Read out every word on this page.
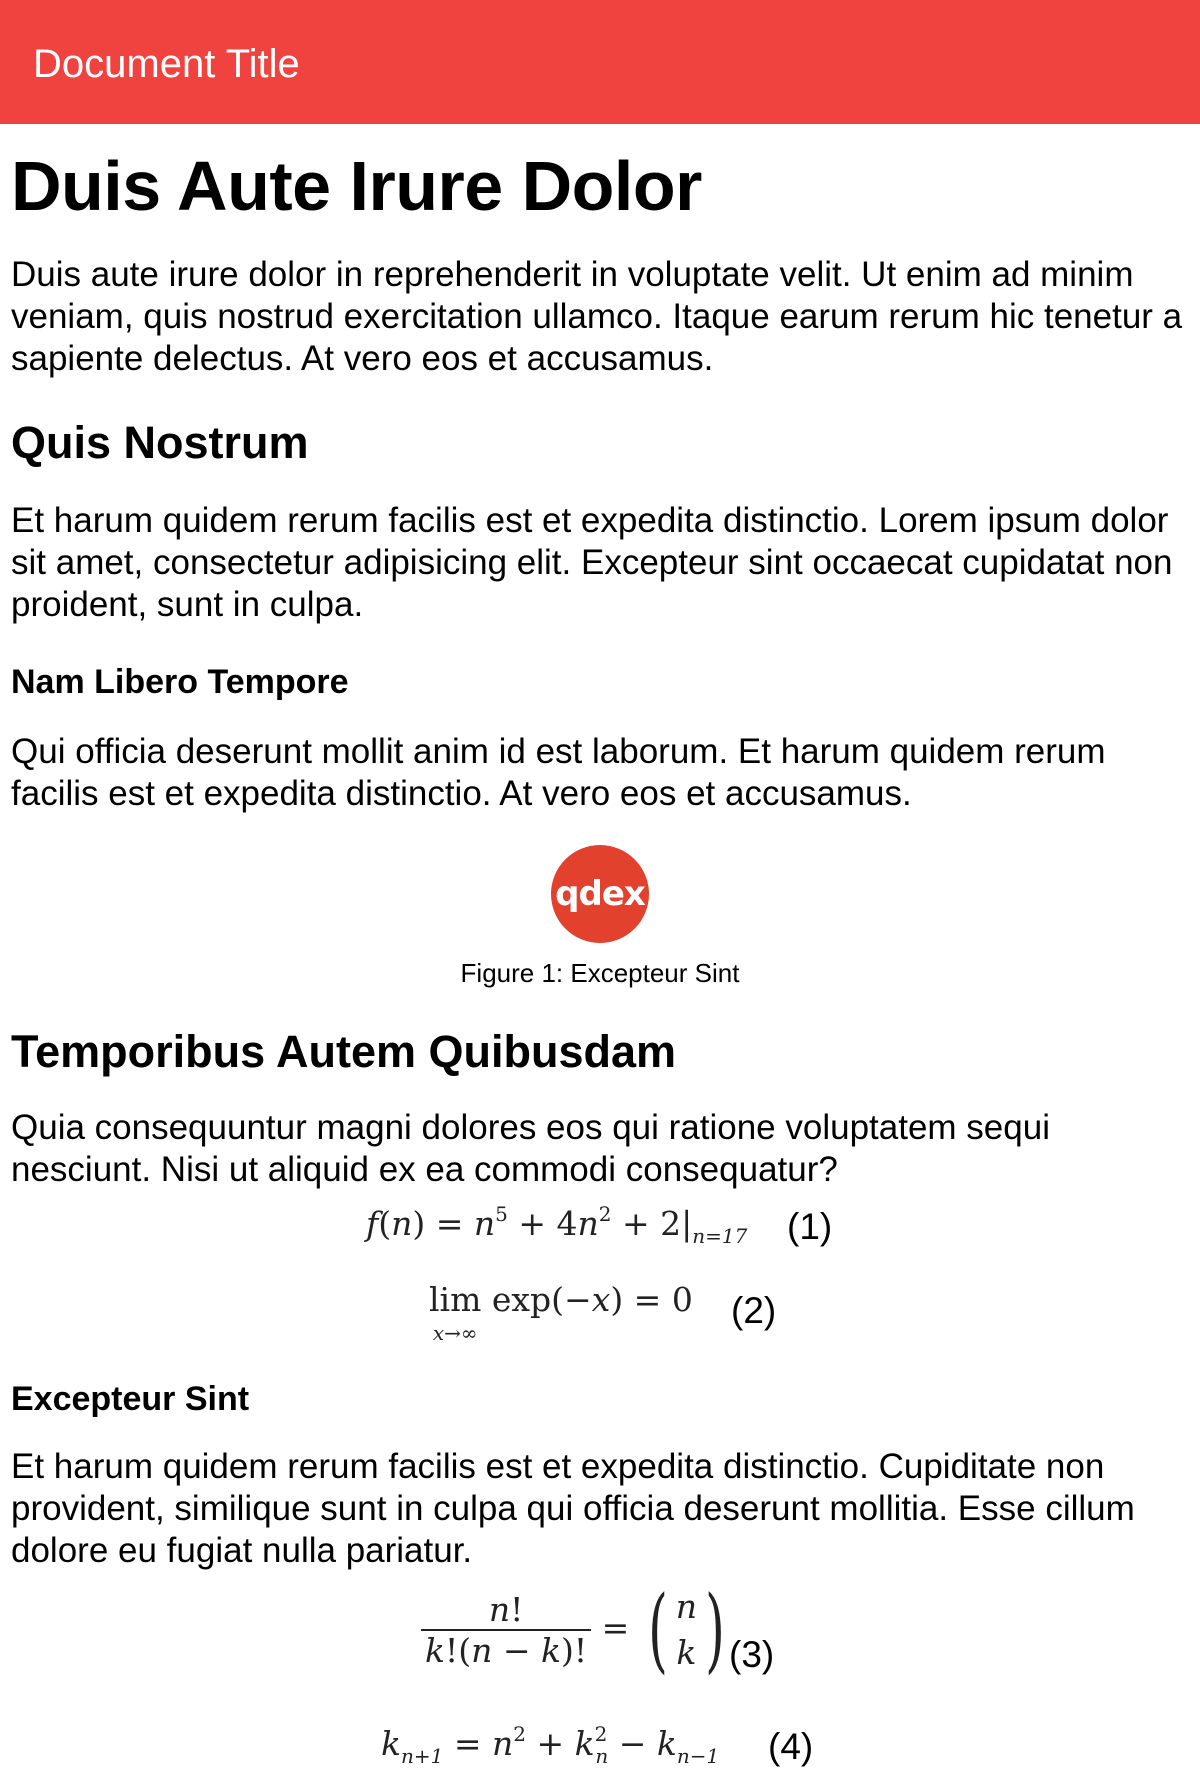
Document Title
Duis Aute Irure Dolor

Duis aute irure dolor in reprehenderit in voluptate velit. Ut enim ad minim veniam, quis nostrud exercitation ullamco. Itaque earum rerum hic tenetur a sapiente delectus. At vero eos et accusamus.

Quis Nostrum

Et harum quidem rerum facilis est et expedita distinctio. Lorem ipsum dolor sit amet, consectetur adipisicing elit. Excepteur sint occaecat cupidatat non proident, sunt in culpa.

Nam Libero Tempore

Qui officia deserunt mollit anim id est laborum. Et harum quidem rerum facilis est et expedita distinctio. At vero eos et accusamus.

qdex
Figure 1: Excepteur Sint
Temporibus Autem Quibusdam

Quia consequuntur magni dolores eos qui ratione voluptatem sequi nesciunt. Nisi ut aliquid ex ea commodi consequatur?

$f(n) = n^5 + 4n^2 + 2|_{n=17}$ (1)
lim
x→∞
exp(−x) = 0 (2)
Excepteur Sint

Et harum quidem rerum facilis est et expedita distinctio. Cupiditate non provident, similique sunt in culpa qui officia deserunt mollitia. Esse cillum dolore eu fugiat nulla pariatur.

$\frac{n!}{k!(n - k)!}$ = ( n
k ) (3)
$k_{n+1} = n^2 + k^2_n - k_{n-1}$ (4)
